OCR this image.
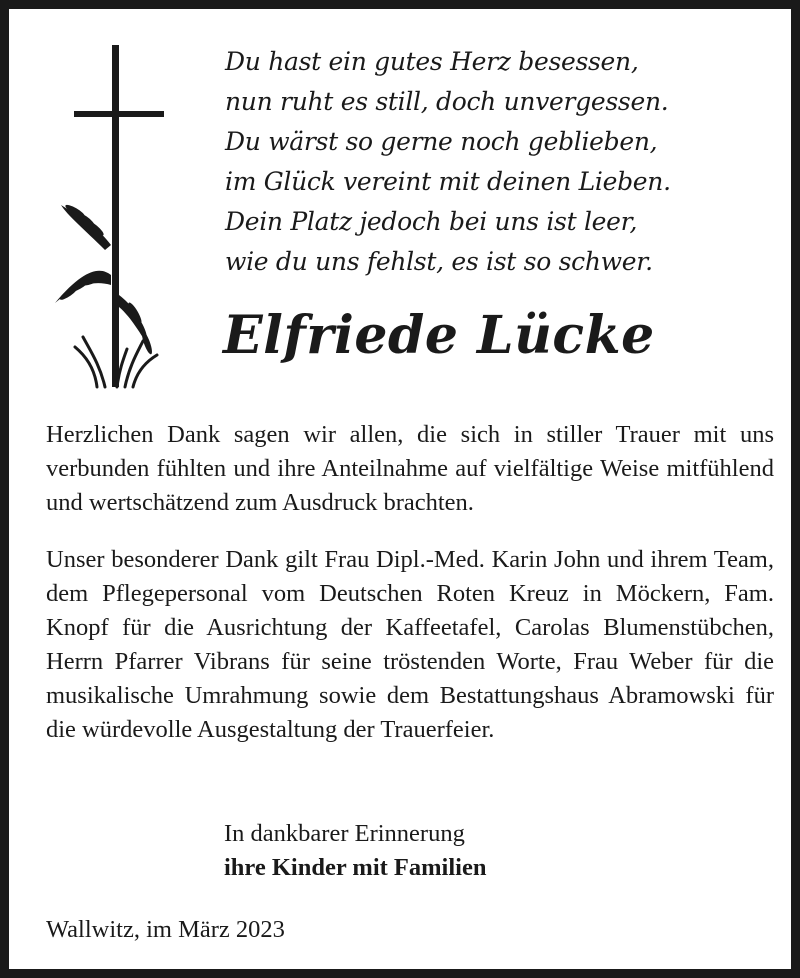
Du hast ein gutes Herz besessen,
nun ruht es still, doch unvergessen.
Du wärst so gerne noch geblieben,
im Glück vereint mit deinen Lieben.
Dein Platz jedoch bei uns ist leer,
wie du uns fehlst, es ist so schwer.
Elfriede Lücke
Herzlichen Dank sagen wir allen, die sich in stiller Trauer mit uns verbunden fühlten und ihre Anteilnahme auf vielfältige Weise mitfühlend und wertschätzend zum Ausdruck brachten.
Unser besonderer Dank gilt Frau Dipl.-Med. Karin John und ihrem Team, dem Pflegepersonal vom Deutschen Roten Kreuz in Möckern, Fam. Knopf für die Ausrichtung der Kaffeetafel, Carolas Blumenstübchen, Herrn Pfarrer Vibrans für seine tröstenden Worte, Frau Weber für die musikalische Umrahmung sowie dem Bestattungshaus Abramowski für die würdevolle Ausgestaltung der Trauerfeier.
In dankbarer Erinnerung
ihre Kinder mit Familien
Wallwitz, im März 2023
